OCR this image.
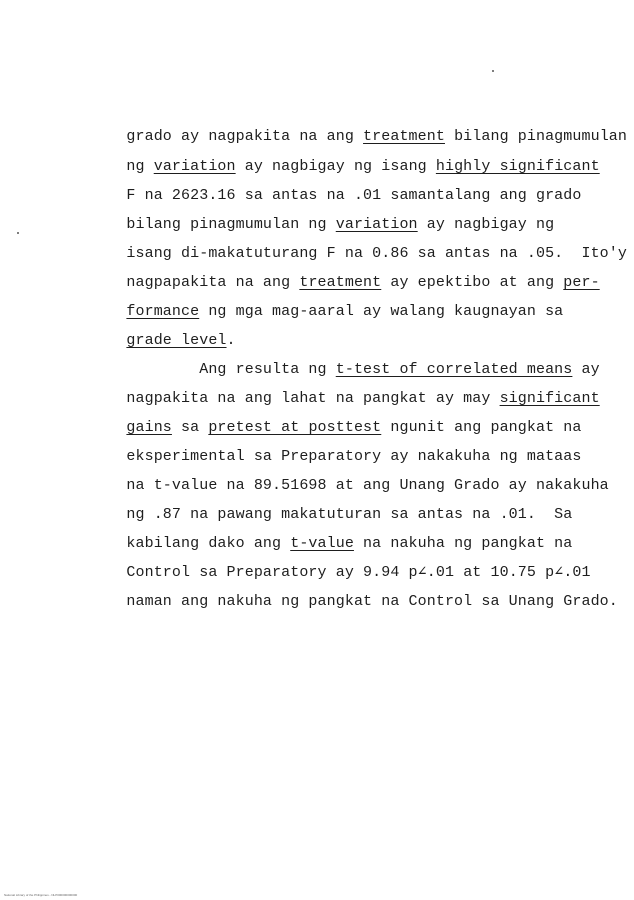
grado ay nagpakita na ang treatment bilang pinagmumulan

ng variation ay nagbigay ng isang highly significant

F na 2623.16 sa antas na .01 samantalang ang grado

bilang pinagmumulan ng variation ay nagbigay ng

isang di-makatuturang F na 0.86 sa antas na .05.  Ito'y

nagpapakita na ang treatment ay epektibo at ang per-

formance ng mga mag-aaral ay walang kaugnayan sa

grade level.

Ang resulta ng t-test of correlated means ay

nagpakita na ang lahat na pangkat ay may significant

gains sa pretest at posttest ngunit ang pangkat na

eksperimental sa Preparatory ay nakakuha ng mataas

na t-value na 89.51698 at ang Unang Grado ay nakakuha

ng .87 na pawang makatuturan sa antas na .01.  Sa

kabilang dako ang t-value na nakuha ng pangkat na

Control sa Preparatory ay 9.94 p∠.01 at 10.75 p∠.01

naman ang nakuha ng pangkat na Control sa Unang Grado.

National Library of the Philippines - NLP000000000000
